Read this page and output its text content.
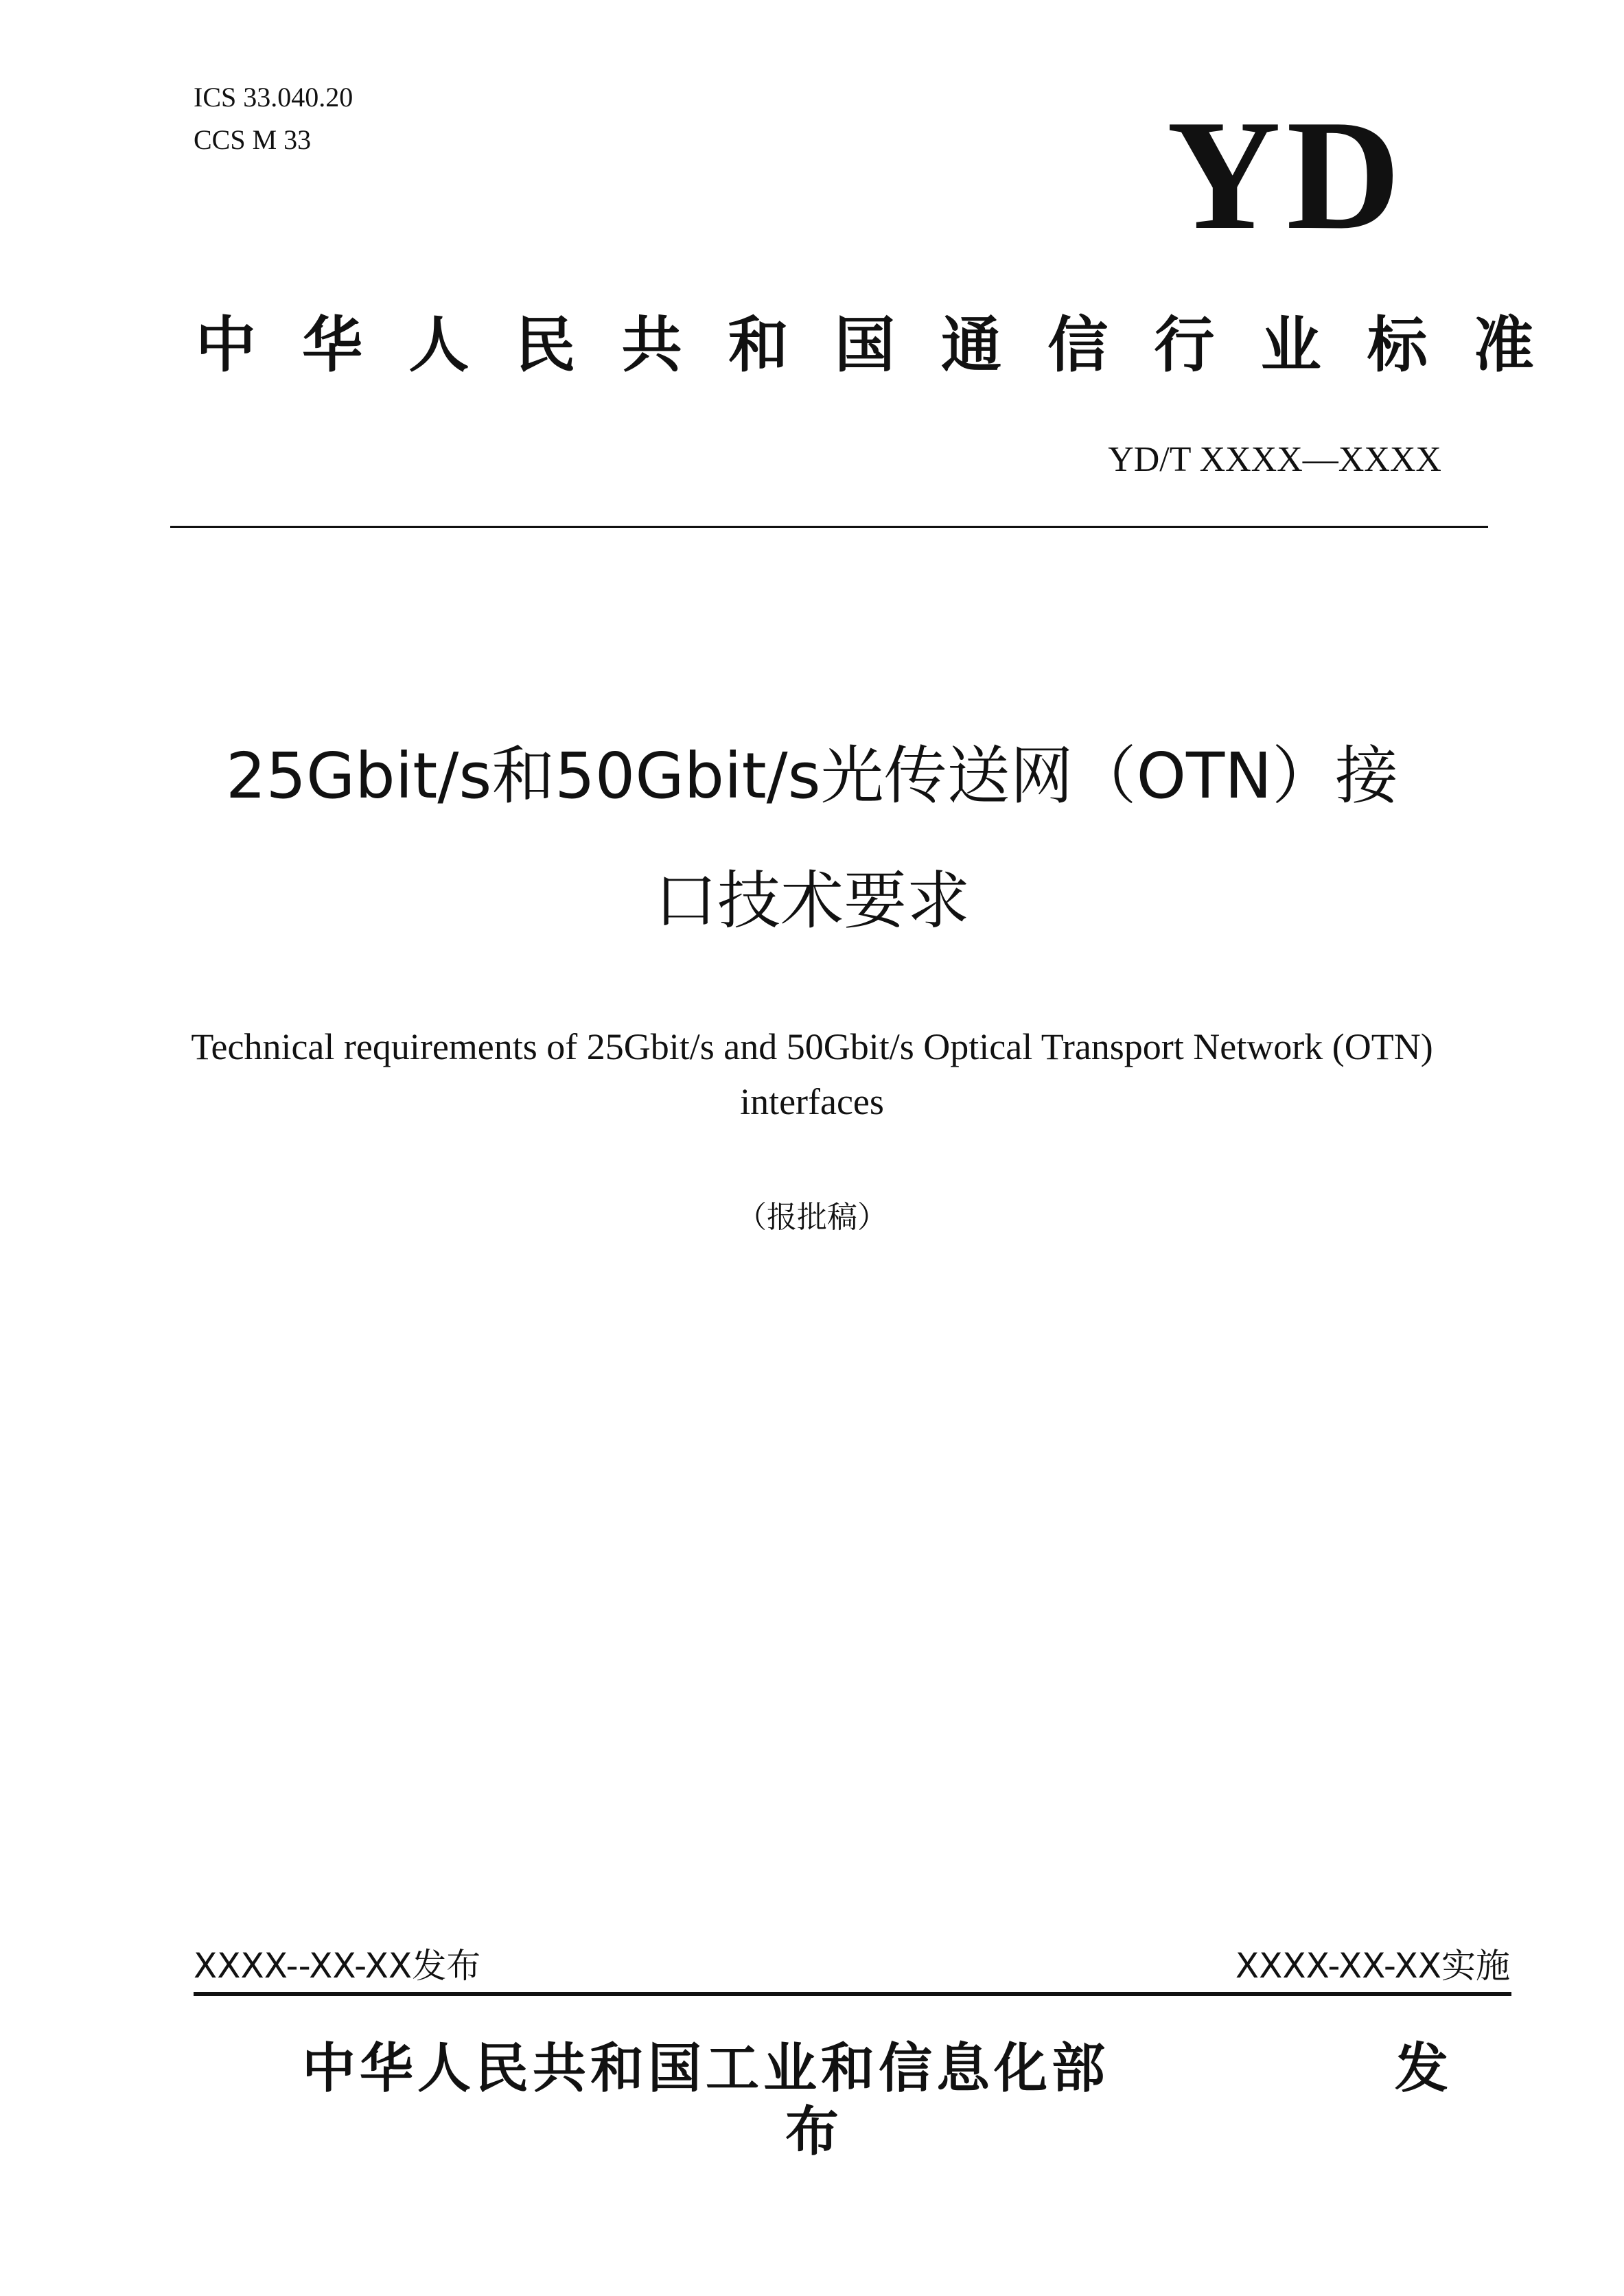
ICS 33.040.20
CCS M 33	YD
中 华 人 民 共 和 国 通 信 行 业 标 准
YD/T XXXX—XXXX
25Gbit/s和50Gbit/s光传送网（OTN）接
口技术要求
Technical requirements of 25Gbit/s and 50Gbit/s Optical Transport Network (OTN)
interfaces
（报批稿）
XXXX--XX-XX发布	XXXX-XX-XX实施
中华人民共和国工业和信息化部	发
布
